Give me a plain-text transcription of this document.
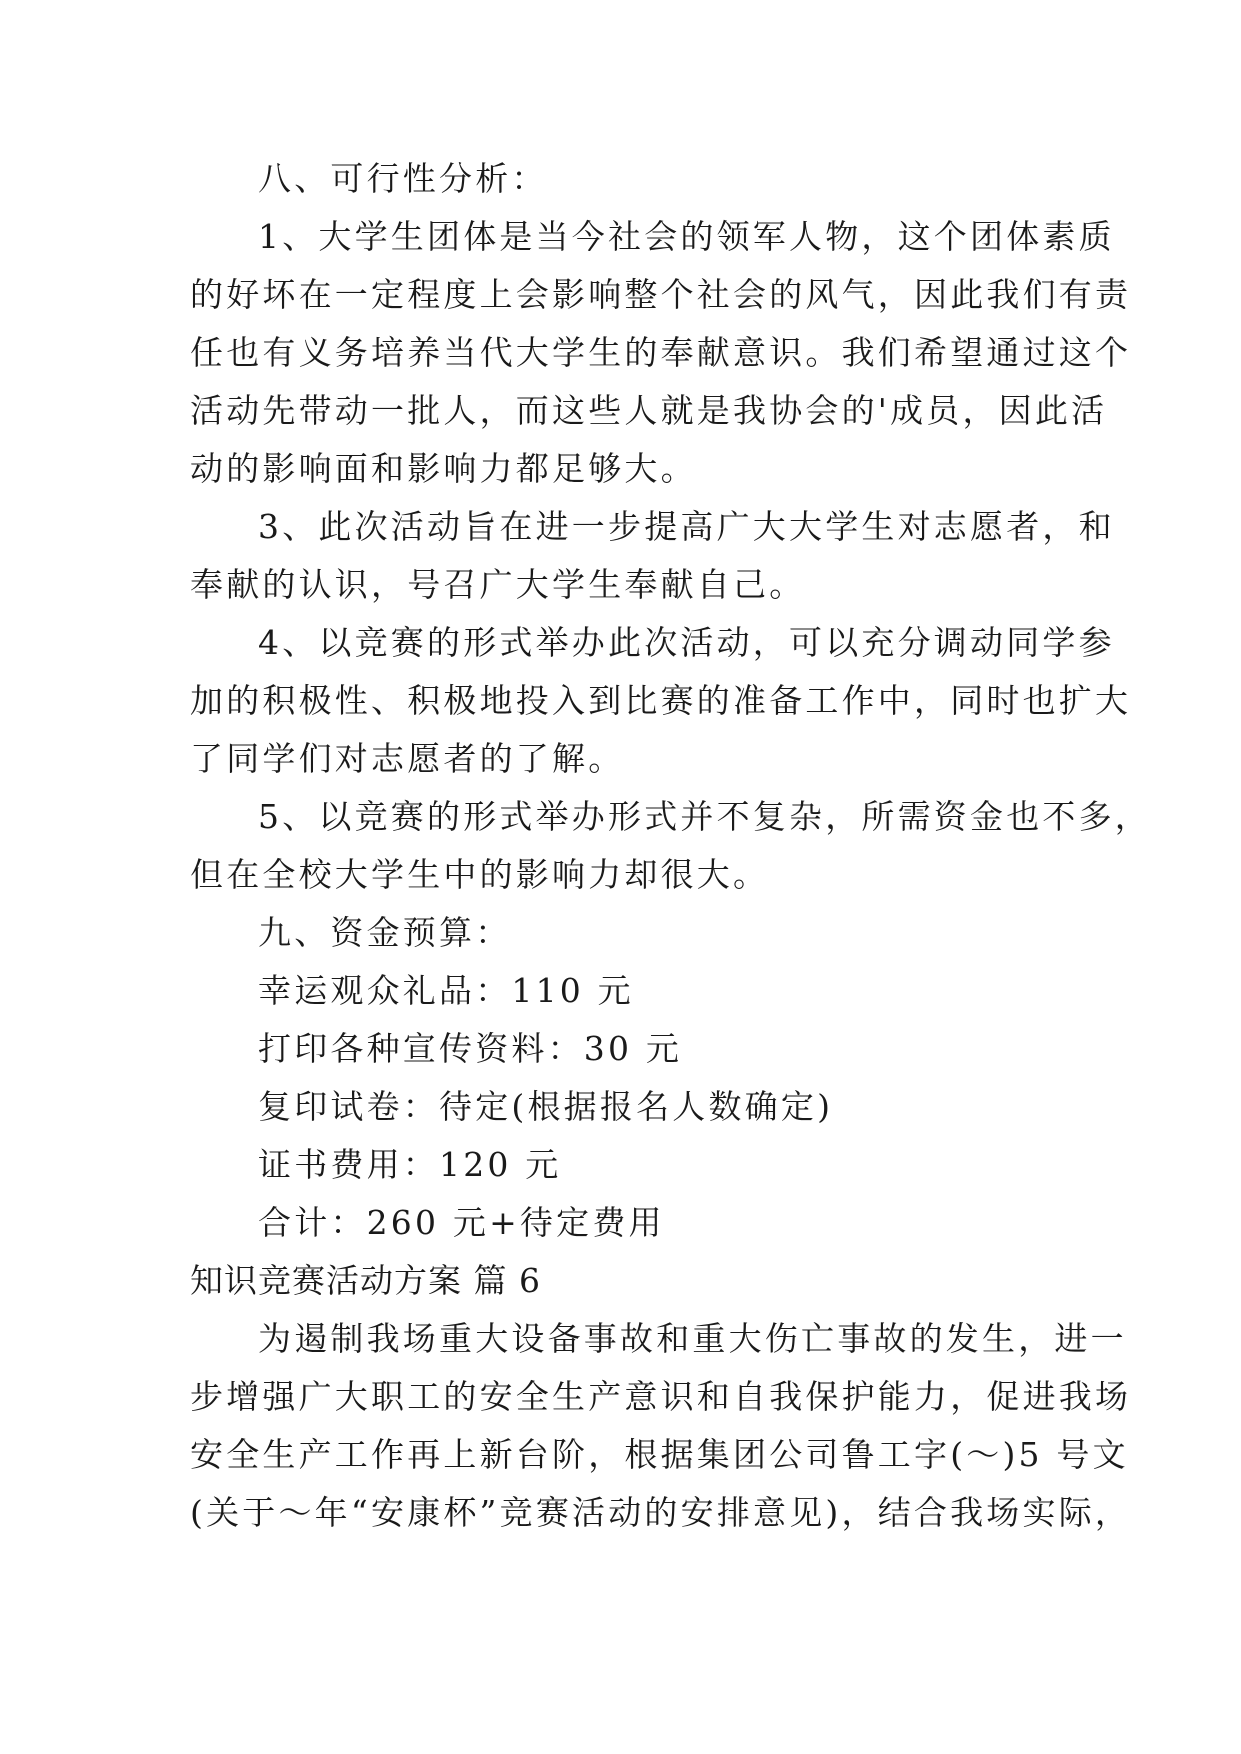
八、可行性分析：
1、大学生团体是当今社会的领军人物，这个团体素质
的好坏在一定程度上会影响整个社会的风气，因此我们有责
任也有义务培养当代大学生的奉献意识。我们希望通过这个
活动先带动一批人，而这些人就是我协会的'成员，因此活
动的影响面和影响力都足够大。
3、此次活动旨在进一步提高广大大学生对志愿者，和
奉献的认识，号召广大学生奉献自己。
4、以竞赛的形式举办此次活动，可以充分调动同学参
加的积极性、积极地投入到比赛的准备工作中，同时也扩大
了同学们对志愿者的了解。
5、以竞赛的形式举办形式并不复杂，所需资金也不多，
但在全校大学生中的影响力却很大。
九、资金预算：
幸运观众礼品：110 元
打印各种宣传资料：30 元
复印试卷：待定(根据报名人数确定)
证书费用：120 元
合计：260 元+待定费用
知识竞赛活动方案 篇 6
为遏制我场重大设备事故和重大伤亡事故的发生，进一
步增强广大职工的安全生产意识和自我保护能力，促进我场
安全生产工作再上新台阶，根据集团公司鲁工字(～)5 号文
(关于～年“安康杯”竞赛活动的安排意见)，结合我场实际，
